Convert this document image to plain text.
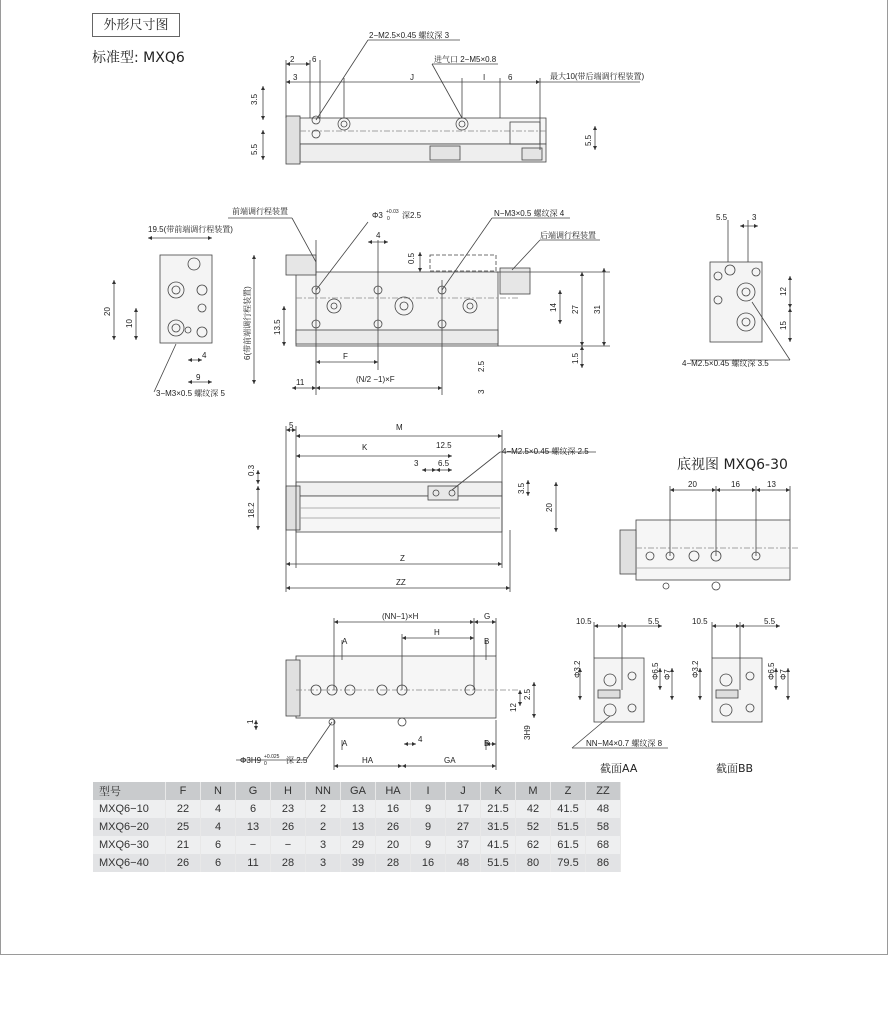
外形尺寸图
标准型: MXQ6
底视图 MXQ6-30
截面AA	截面BB
2−M2.5×0.45 螺纹深 3
进气口 2−M5×0.8
最大10(带后端调行程装置)
2 6
3	J	I	6
3.5
5.5
5.5
前端调行程装置	Φ3 +0.03
0 深2.5	N−M3×0.5 螺纹深 4
后端调行程装置
19.5(带前端调行程装置)
4
0.5
6(带前端调行程装置)	13.5
F
11	(N/2 −1)×F
2.5
3
14 27 31
1.5
20
10
4
9
3−M3×0.5 螺纹深 5
5.5	3
12
15
4−M2.5×0.45 螺纹深 3.5
5	M
K	12.5
3 6.5
4−M2.5×0.45 螺纹深 2.5
0.3
18.2
3.5
20
Z
ZZ
20	16	13
(NN−1)×H	G
H
A	B
A	B
4
HA	GA
1
12
2.5
3H9
Φ3H9 +0.025
0 深 2.5
10.5	5.5
Φ3.2	Φ6.5 Φ7
NN−M4×0.7 螺纹深 8
10.5	5.5
Φ3.2	Φ6.5 Φ7
型号	F	N	G	H	NN	GA	HA	I	J	K	M	Z	ZZ
MXQ6−10	22	4	6	23	2	13	16	9	17	21.5	42	41.5	48
MXQ6−20	25	4	13	26	2	13	26	9	27	31.5	52	51.5	58
MXQ6−30	21	6	−	−	3	29	20	9	37	41.5	62	61.5	68
MXQ6−40	26	6	11	28	3	39	28	16	48	51.5	80	79.5	86
